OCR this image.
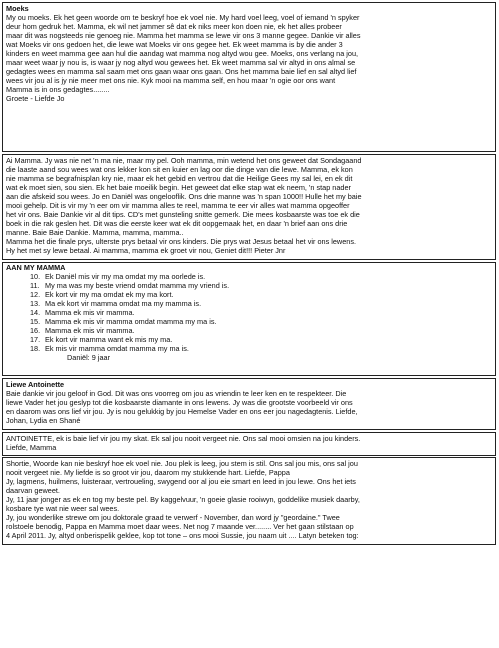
Moeks
My ou moeks. Ek het geen woorde om te beskryf hoe ek voel nie. My hard voel leeg, voel of iemand 'n spyker
deur hom gedruk het. Mamma, ek wil net jammer sê dat ek niks meer kon doen nie, ek het alles probeer
maar dit was nogsteeds nie genoeg nie. Mamma het mamma se lewe vir ons 3 manne gegee. Dankie vir alles
wat Moeks vir ons gedoen het, die lewe wat Moeks vir ons gegee het. Ek weet mamma is by die ander 3
kinders en weet mamma gee aan hul die aandag wat mamma nog altyd wou gee. Moeks, ons verlang na jou,
maar weet waar jy nou is, is waar jy nog altyd wou gewees het. Ek weet mamma sal vir altyd in ons almal se
gedagtes wees en mamma sal saam met ons gaan waar ons gaan. Ons het mamma baie lief en sal altyd lief
wees vir jou al is jy nie meer met ons nie. Kyk mooi na mamma self, en hou maar 'n ogie oor ons want
Mamma is in ons gedagtes........
Groete - Liefde Jo
Ai Mamma. Jy was nie net 'n ma nie, maar my pel. Ooh mamma, min wetend het ons geweet dat Sondagaand
die laaste aand sou wees wat ons lekker kon sit en kuier en lag oor die dinge van die lewe. Mamma, ek kon
nie mamma se begrafnisplan kry nie, maar ek het gebid en vertrou dat die Heilige Gees my sal lei, en ek dit
wat ek moet sien, sou sien. Ek het baie moeilik begin. Het geweet dat elke stap wat ek neem, 'n stap nader
aan die afskeid sou wees. Jo en Daniël was ongelooflik. Ons drie manne was 'n span 1000!! Hulle het my baie
mooi gehelp. Dit is vir my 'n eer om vir mamma alles te reel, mamma te eer vir alles wat mamma opgeoffer
het vir ons. Baie Dankie vir al dit tips. CD's met gunsteling snitte gemerk. Die mees kosbaarste was toe ek die
boek in die rak geslen het. Dit was die eerste keer wat ek dit oopgemaak het, en daar 'n brief aan ons drie
manne. Baie Baie Dankie. Mamma, mamma, mamma..
Mamma het die finale prys, ulterste prys betaal vir ons kinders. Die prys wat Jesus betaal het vir ons lewens.
Hy het met sy lewe betaal. Ai mamma, mamma ek groet vir nou, Geniet dit!!! Pieter Jnr
AAN MY MAMMA
10. Ek Daniël mis vir my ma omdat my ma oorlede is.
11. My ma was my beste vriend omdat mamma my vriend is.
12. Ek kort vir my ma omdat ek my ma kort.
13. Ma ek kort vir mamma omdat ma my mamma is.
14. Mamma ek mis vir mamma.
15. Mamma ek mis vir mamma omdat mamma my ma is.
16. Mamma ek mis vir mamma.
17. Ek kort vir mamma want ek mis my ma.
18. Ek mis vir mamma omdat mamma my ma is.
Daniël: 9 jaar
Liewe Antoinette
Baie dankie vir jou geloof in God. Dit was ons voorreg om jou as vriendin te leer ken en te respekteer. Die
liewe Vader het jou geslyp tot die kosbaarste diamante in ons lewens. Jy was die grootste voorbeeld vir ons
en daarom was ons lief vir jou. Jy is nou gelukkig by jou Hemelse Vader en ons eer jou nagedagtenis. Liefde,
Johan, Lydia en Shané
ANTOINETTE, ek is baie lief vir jou my skat. Ek sal jou nooit vergeet nie. Ons sal mooi omsien na jou kinders.
Liefde, Mamma
Shortie, Woorde kan nie beskryf hoe ek voel nie. Jou plek is leeg, jou stem is stil. Ons sal jou mis, ons sal jou
nooit vergeet nie. My liefde is so groot vir jou, daarom my stukkende hart. Liefde, Pappa
Jy, lagmens, huilmens, luisteraar, vertroueling, swygend oor al jou eie smart en leed in jou lewe. Ons het iets
daarvan geweet.
Jy, 11 jaar jonger as ek en tog my beste pel. By kaggelvuur, 'n goeie glasie rooiwyn, goddelike musiek daarby,
kosbare tye wat nie weer sal wees.
Jy, jou wonderlike strewe om jou doktorale graad te verwerf - November, dan word jy "geordaine." Twee
rolstoele benodig, Pappa en Mamma moet daar wees. Net nog 7 maande ver........ Ver het gaan stilstaan op
4 April 2011. Jy, altyd onberispelik geklee, kop tot tone – ons mooi Sussie, jou naam uit .... Latyn beteken tog:
